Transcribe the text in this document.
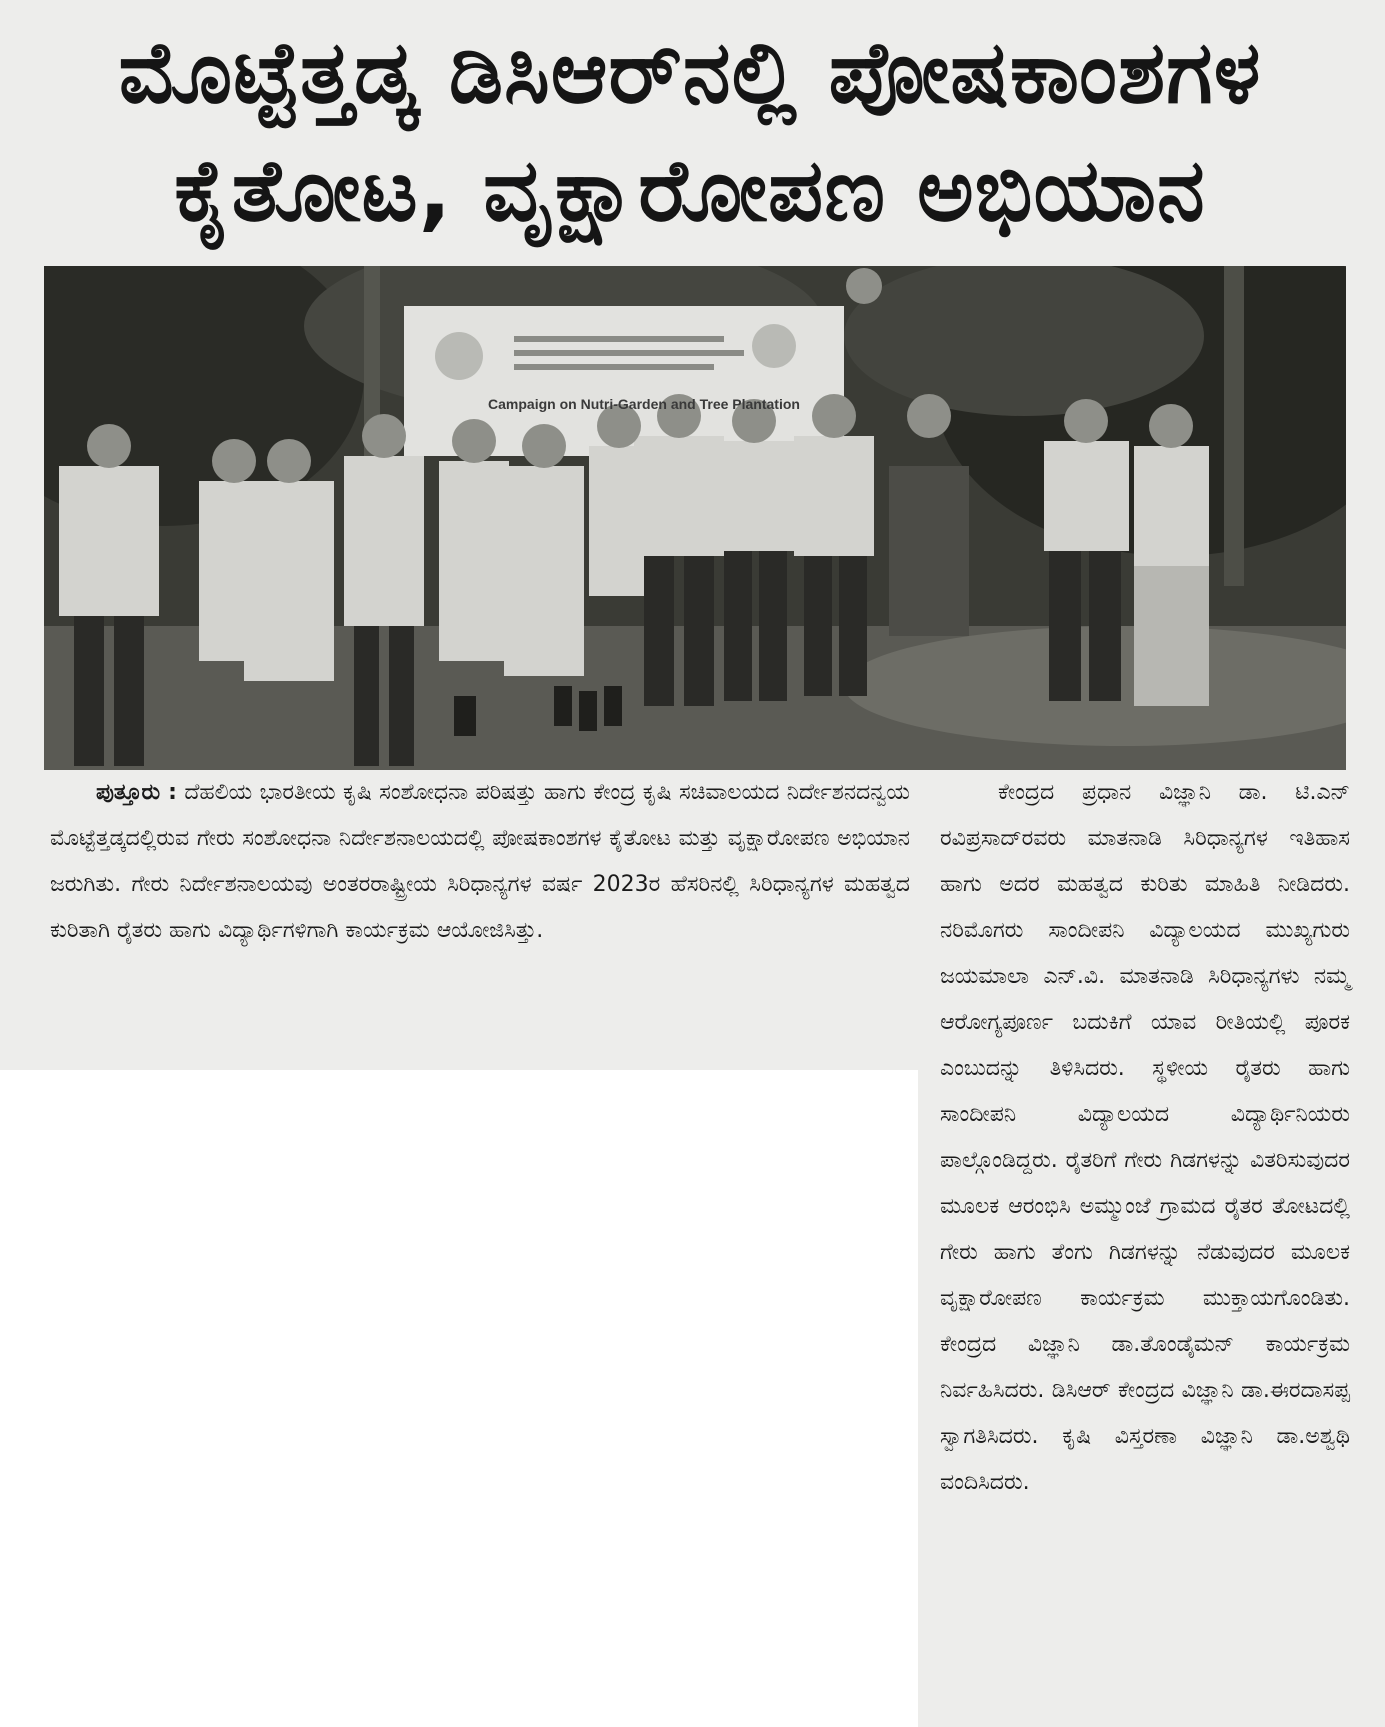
ಮೊಟ್ಟೆತ್ತಡ್ಕ ಡಿಸಿಆರ್‌ನಲ್ಲಿ ಪೋಷಕಾಂಶಗಳ
ಕೈತೋಟ, ವೃಕ್ಷಾರೋಪಣ ಅಭಿಯಾನ
Campaign on Nutri-Garden and Tree Plantation
ಪುತ್ತೂರು : ದೆಹಲಿಯ ಭಾರತೀಯ ಕೃಷಿ ಸಂಶೋಧನಾ ಪರಿಷತ್ತು ಹಾಗು ಕೇಂದ್ರ ಕೃಷಿ ಸಚಿವಾಲಯದ ನಿರ್ದೇಶನದನ್ವಯ ಮೊಟ್ಟೆತ್ತಡ್ಕದಲ್ಲಿರುವ ಗೇರು ಸಂಶೋಧನಾ ನಿರ್ದೇಶನಾಲಯದಲ್ಲಿ ಪೋಷಕಾಂಶಗಳ ಕೈತೋಟ ಮತ್ತು ವೃಕ್ಷಾರೋಪಣ ಅಭಿಯಾನ ಜರುಗಿತು. ಗೇರು ನಿರ್ದೇಶನಾಲಯವು ಅಂತರರಾಷ್ಟ್ರೀಯ ಸಿರಿಧಾನ್ಯಗಳ ವರ್ಷ 2023ರ ಹೆಸರಿನಲ್ಲಿ ಸಿರಿಧಾನ್ಯಗಳ ಮಹತ್ವದ ಕುರಿತಾಗಿ ರೈತರು ಹಾಗು ವಿದ್ಯಾರ್ಥಿಗಳಿಗಾಗಿ ಕಾರ್ಯಕ್ರಮ ಆಯೋಜಿಸಿತ್ತು.
ಕೇಂದ್ರದ ಪ್ರಧಾನ ವಿಜ್ಞಾನಿ ಡಾ. ಟಿ.ಎನ್ ರವಿಪ್ರಸಾದ್‌ರವರು ಮಾತನಾಡಿ ಸಿರಿಧಾನ್ಯಗಳ ಇತಿಹಾಸ ಹಾಗು ಅದರ ಮಹತ್ವದ ಕುರಿತು ಮಾಹಿತಿ ನೀಡಿದರು. ನರಿಮೊಗರು ಸಾಂದೀಪನಿ ವಿದ್ಯಾಲಯದ ಮುಖ್ಯಗುರು ಜಯಮಾಲಾ ಎನ್.ವಿ. ಮಾತನಾಡಿ ಸಿರಿಧಾನ್ಯಗಳು ನಮ್ಮ ಆರೋಗ್ಯಪೂರ್ಣ ಬದುಕಿಗೆ ಯಾವ ರೀತಿಯಲ್ಲಿ ಪೂರಕ ಎಂಬುದನ್ನು ತಿಳಿಸಿದರು. ಸ್ಥಳೀಯ ರೈತರು ಹಾಗು ಸಾಂದೀಪನಿ ವಿದ್ಯಾಲಯದ ವಿದ್ಯಾರ್ಥಿನಿಯರು ಪಾಲ್ಗೊಂಡಿದ್ದರು. ರೈತರಿಗೆ ಗೇರು ಗಿಡಗಳನ್ನು ವಿತರಿಸುವುದರ ಮೂಲಕ ಆರಂಭಿಸಿ ಅಮ್ಮುಂಜೆ ಗ್ರಾಮದ ರೈತರ ತೋಟದಲ್ಲಿ ಗೇರು ಹಾಗು ತೆಂಗು ಗಿಡಗಳನ್ನು ನೆಡುವುದರ ಮೂಲಕ ವೃಕ್ಷಾರೋಪಣ ಕಾರ್ಯಕ್ರಮ ಮುಕ್ತಾಯಗೊಂಡಿತು. ಕೇಂದ್ರದ ವಿಜ್ಞಾನಿ ಡಾ.ತೊಂಡೈಮನ್ ಕಾರ್ಯಕ್ರಮ ನಿರ್ವಹಿಸಿದರು. ಡಿಸಿಆರ್ ಕೇಂದ್ರದ ವಿಜ್ಞಾನಿ ಡಾ.ಈರದಾಸಪ್ಪ ಸ್ವಾಗತಿಸಿದರು. ಕೃಷಿ ವಿಸ್ತರಣಾ ವಿಜ್ಞಾನಿ ಡಾ.ಅಶ್ವಥಿ ವಂದಿಸಿದರು.
